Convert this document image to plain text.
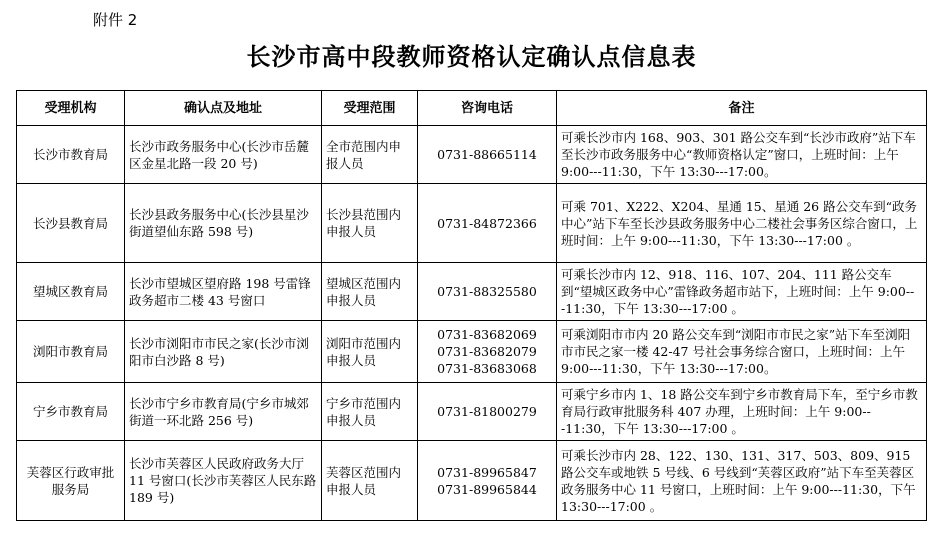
附件 2
长沙市高中段教师资格认定确认点信息表
受理机构	确认点及地址	受理范围	咨询电话	备注
长沙市教育局	长沙市政务服务中心(长沙市岳麓区金星北路一段 20 号)	全市范围内申报人员	0731-88665114	可乘长沙市内 168、903、301 路公交车到“长沙市政府”站下车至长沙市政务服务中心“教师资格认定”窗口，上班时间：上午 9:00---11:30，下午 13:30---17:00。
长沙县教育局	长沙县政务服务中心(长沙县星沙街道望仙东路 598 号)	长沙县范围内申报人员	0731-84872366	可乘 701、X222、X204、星通 15、星通 26 路公交车到“政务中心”站下车至长沙县政务服务中心二楼社会事务区综合窗口，上班时间：上午 9:00---11:30，下午 13:30---17:00 。
望城区教育局	长沙市望城区望府路 198 号雷锋政务超市二楼 43 号窗口	望城区范围内申报人员	0731-88325580	可乘长沙市内 12、918、116、107、204、111 路公交车到“望城区政务中心”雷锋政务超市站下，上班时间：上午 9:00---11:30，下午 13:30---17:00 。
浏阳市教育局	长沙市浏阳市市民之家(长沙市浏阳市白沙路 8 号)	浏阳市范围内申报人员	0731-83682069
0731-83682079
0731-83683068	可乘浏阳市市内 20 路公交车到“浏阳市市民之家”站下车至浏阳市市民之家一楼 42-47 号社会事务综合窗口，上班时间：上午 9:00---11:30，下午 13:30---17:00。
宁乡市教育局	长沙市宁乡市教育局(宁乡市城郊街道一环北路 256 号)	宁乡市范围内申报人员	0731-81800279	可乘宁乡市内 1、18 路公交车到宁乡市教育局下车，至宁乡市教育局行政审批服务科 407 办理，上班时间：上午 9:00---11:30，下午 13:30---17:00 。
芙蓉区行政审批服务局	长沙市芙蓉区人民政府政务大厅 11 号窗口(长沙市芙蓉区人民东路 189 号)	芙蓉区范围内申报人员	0731-89965847
0731-89965844	可乘长沙市内 28、122、130、131、317、503、809、915 路公交车或地铁 5 号线、6 号线到“芙蓉区政府”站下车至芙蓉区政务服务中心 11 号窗口，上班时间：上午 9:00---11:30，下午 13:30---17:00 。
